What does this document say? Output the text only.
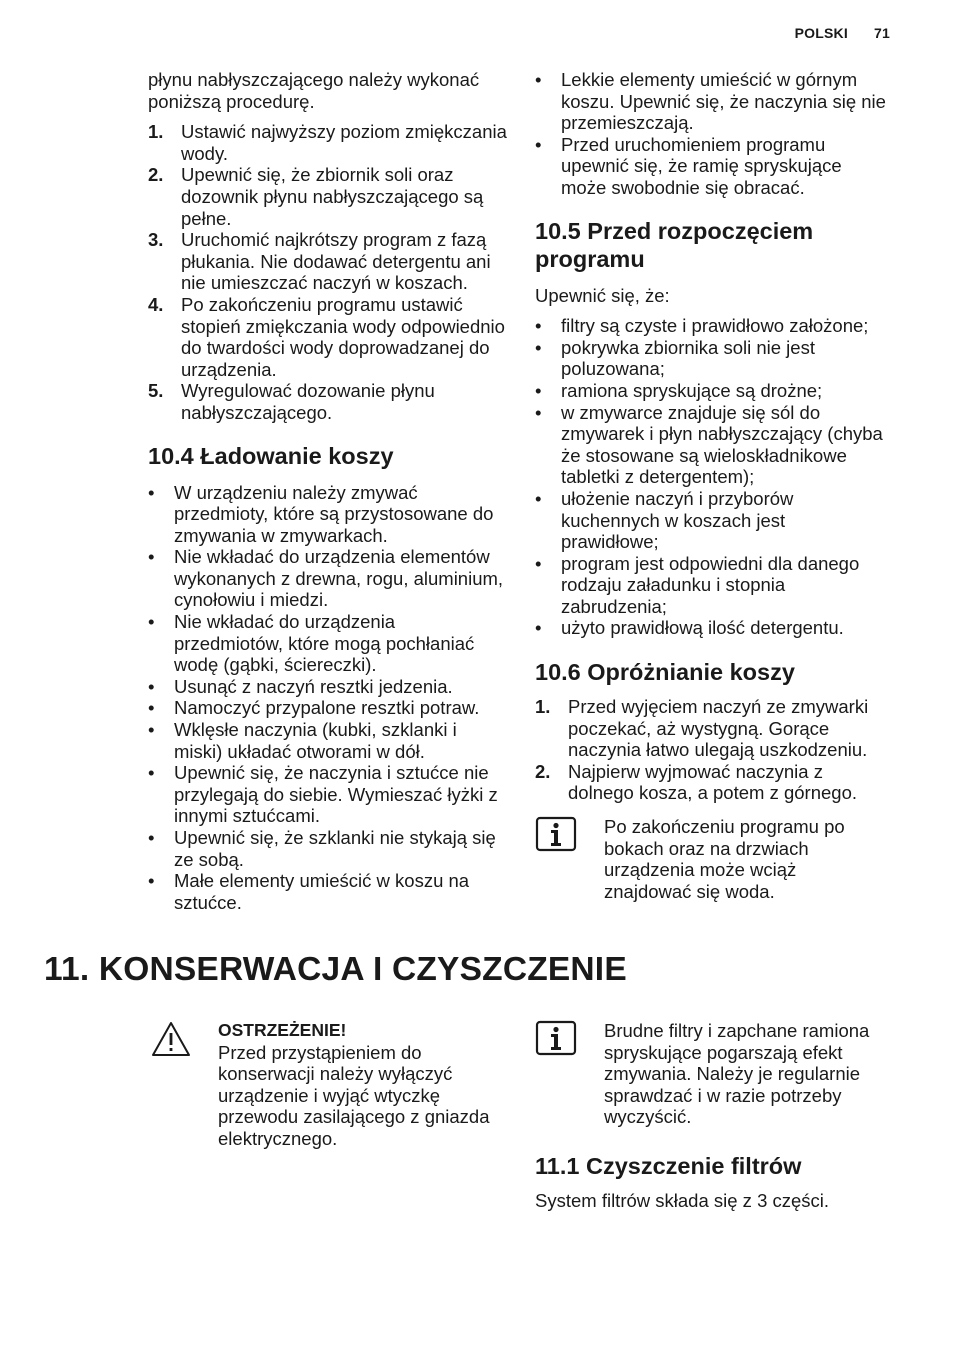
POLSKI 71

płynu nabłyszczającego należy wykonać poniższą procedurę.

1. Ustawić najwyższy poziom zmiękczania wody.
2. Upewnić się, że zbiornik soli oraz dozownik płynu nabłyszczającego są pełne.
3. Uruchomić najkrótszy program z fazą płukania. Nie dodawać detergentu ani nie umieszczać naczyń w koszach.
4. Po zakończeniu programu ustawić stopień zmiękczania wody odpowiednio do twardości wody doprowadzanej do urządzenia.
5. Wyregulować dozowanie płynu nabłyszczającego.
10.4 Ładowanie koszy
• W urządzeniu należy zmywać przedmioty, które są przystosowane do zmywania w zmywarkach.
• Nie wkładać do urządzenia elementów wykonanych z drewna, rogu, aluminium, cynołowiu i miedzi.
• Nie wkładać do urządzenia przedmiotów, które mogą pochłaniać wodę (gąbki, ściereczki).
• Usunąć z naczyń resztki jedzenia.
• Namoczyć przypalone resztki potraw.
• Wklęsłe naczynia (kubki, szklanki i miski) układać otworami w dół.
• Upewnić się, że naczynia i sztućce nie przylegają do siebie. Wymieszać łyżki z innymi sztućcami.
• Upewnić się, że szklanki nie stykają się ze sobą.
• Małe elementy umieścić w koszu na sztućce.
• Lekkie elementy umieścić w górnym koszu. Upewnić się, że naczynia się nie przemieszczają.
• Przed uruchomieniem programu upewnić się, że ramię spryskujące może swobodnie się obracać.
10.5 Przed rozpoczęciem programu

Upewnić się, że:

• filtry są czyste i prawidłowo założone;
• pokrywka zbiornika soli nie jest poluzowana;
• ramiona spryskujące są drożne;
• w zmywarce znajduje się sól do zmywarek i płyn nabłyszczający (chyba że stosowane są wieloskładnikowe tabletki z detergentem);
• ułożenie naczyń i przyborów kuchennych w koszach jest prawidłowe;
• program jest odpowiedni dla danego rodzaju załadunku i stopnia zabrudzenia;
• użyto prawidłową ilość detergentu.
10.6 Opróżnianie koszy
1. Przed wyjęciem naczyń ze zmywarki poczekać, aż wystygną. Gorące naczynia łatwo ulegają uszkodzeniu.
2. Najpierw wyjmować naczynia z dolnego kosza, a potem z górnego.

Po zakończeniu programu po bokach oraz na drzwiach urządzenia może wciąż znajdować się woda.

11. KONSERWACJA I CZYSZCZENIE
OSTRZEŻENIE!

Przed przystąpieniem do konserwacji należy wyłączyć urządzenie i wyjąć wtyczkę przewodu zasilającego z gniazda elektrycznego.

Brudne filtry i zapchane ramiona spryskujące pogarszają efekt zmywania. Należy je regularnie sprawdzać i w razie potrzeby wyczyścić.

11.1 Czyszczenie filtrów

System filtrów składa się z 3 części.
